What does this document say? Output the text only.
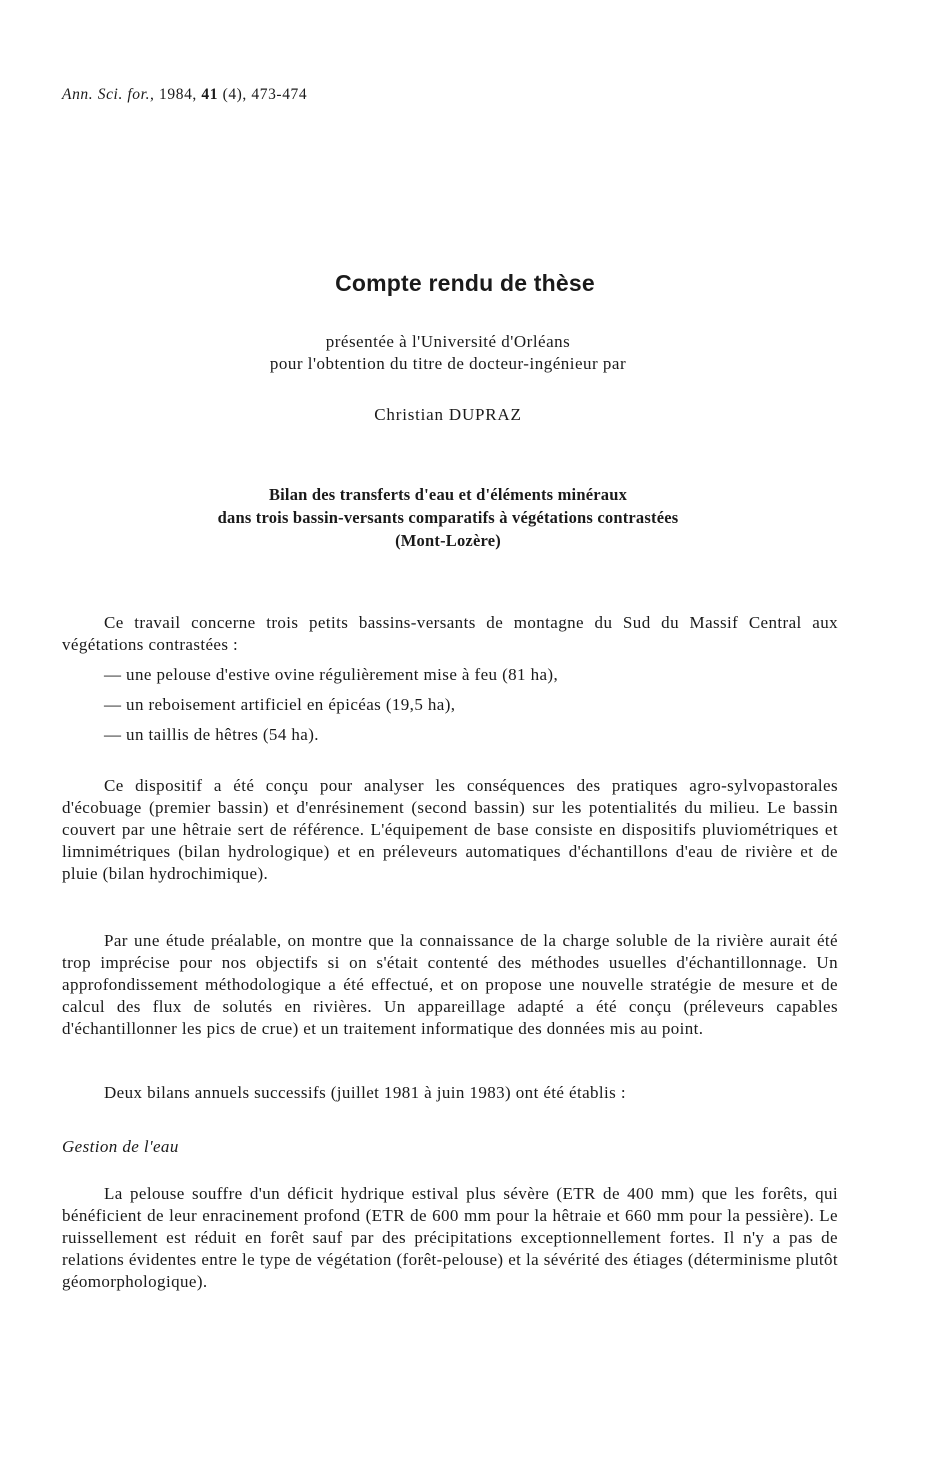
Ann. Sci. for., 1984, 41 (4), 473-474
Compte rendu de thèse
présentée à l'Université d'Orléans
pour l'obtention du titre de docteur-ingénieur par
Christian DUPRAZ
Bilan des transferts d'eau et d'éléments minéraux
dans trois bassin-versants comparatifs à végétations contrastées
(Mont-Lozère)

Ce travail concerne trois petits bassins-versants de montagne du Sud du Massif Central aux végétations contrastées :

— une pelouse d'estive ovine régulièrement mise à feu (81 ha),

— un reboisement artificiel en épicéas (19,5 ha),

— un taillis de hêtres (54 ha).

Ce dispositif a été conçu pour analyser les conséquences des pratiques agro-sylvopastorales d'écobuage (premier bassin) et d'enrésinement (second bassin) sur les potentialités du milieu. Le bassin couvert par une hêtraie sert de référence. L'équipement de base consiste en dispositifs pluviométriques et limnimétriques (bilan hydrologique) et en préleveurs automatiques d'échantillons d'eau de rivière et de pluie (bilan hydrochimique).

Par une étude préalable, on montre que la connaissance de la charge soluble de la rivière aurait été trop imprécise pour nos objectifs si on s'était contenté des méthodes usuelles d'échantillonnage. Un approfondissement méthodologique a été effectué, et on propose une nouvelle stratégie de mesure et de calcul des flux de solutés en rivières. Un appareillage adapté a été conçu (préleveurs capables d'échantillonner les pics de crue) et un traitement informatique des données mis au point.

Deux bilans annuels successifs (juillet 1981 à juin 1983) ont été établis :

Gestion de l'eau

La pelouse souffre d'un déficit hydrique estival plus sévère (ETR de 400 mm) que les forêts, qui bénéficient de leur enracinement profond (ETR de 600 mm pour la hêtraie et 660 mm pour la pessière). Le ruissellement est réduit en forêt sauf par des précipitations exceptionnellement fortes. Il n'y a pas de relations évidentes entre le type de végétation (forêt-pelouse) et la sévérité des étiages (déterminisme plutôt géomorphologique).
